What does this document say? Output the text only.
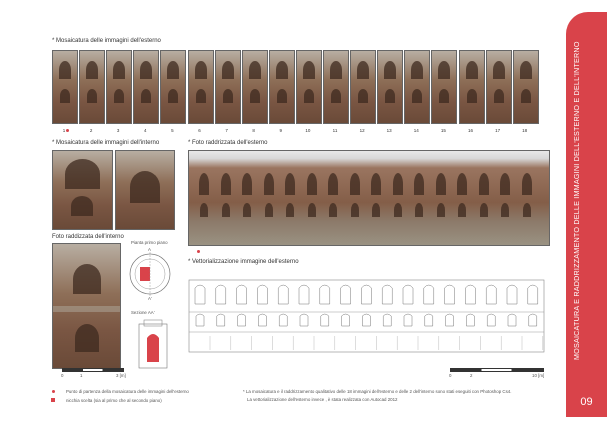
MOSAICATURA E RADDRIZZAMENTO DELLE IMMAGINI DELL'ESTERNO E DELL'INTERNO
09
* Mosaicatura delle immagini dell'esterno
1	2	3	4	5	6	7	8	9	10	11	12	13	14	15	16	17	18
* Mosaicatura delle immagini dell'interno	* Foto raddrizzata dell'esterno
Foto raddizzata dell'interno
Pianta primo piano
A
A'
Sezione AA'
0	1	3 [m]
* Vettorializzazione immagine dell'esterno
0	2	10 [m]
Punto di partenza della mosaicatura delle immagini dell'esterno
nicchia scelta (sia al primo che al secondo piano)
* La mosaicatura e il raddrizzamento qualitativo delle 18 immagini dell'esterno e delle 2 dell'interno sono stati eseguiti con Photoshop Cs4.
La vettorializzazione dell'esterno invece , è stata realizzata con Autocad 2012
